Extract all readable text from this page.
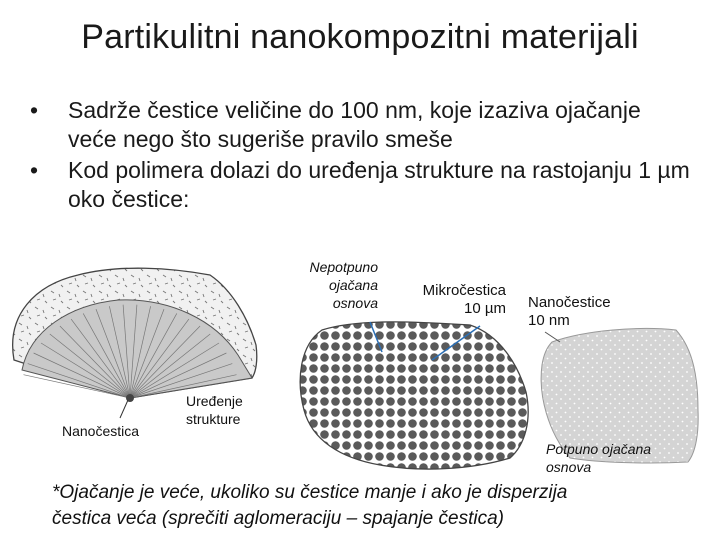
Partikulitni nanokompozitni materijali
•	Sadrže čestice veličine do 100 nm, koje izaziva ojačanje veće nego što sugeriše pravilo smeše
•	Kod polimera dolazi do uređenja strukture na rastojanju 1 µm oko čestice:
Nepotpuno
ojačana
osnova
Mikročestica
10 µm Nanočestice
10 nm
Nanočestica
Uređenje
strukture
Potpuno ojačana
osnova
*Ojačanje je veće, ukoliko su čestice manje i ako je disperzija
čestica veća (sprečiti aglomeraciju – spajanje čestica)
